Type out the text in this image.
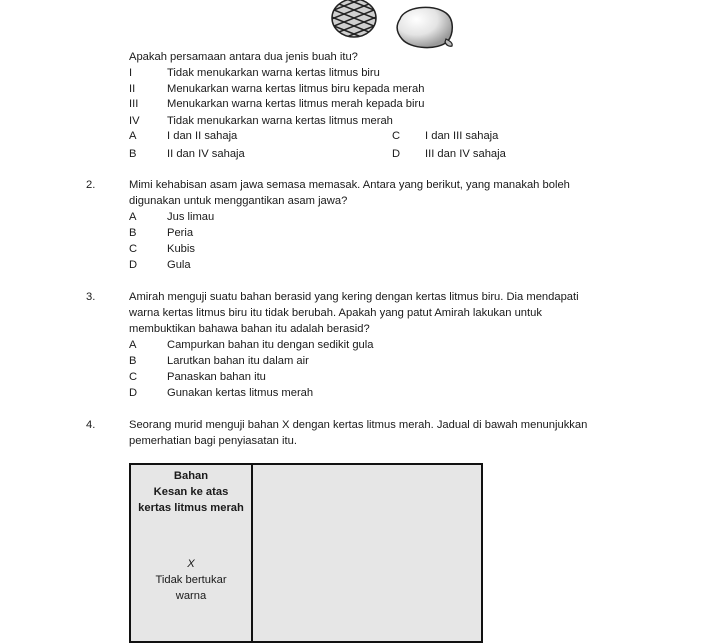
Apakah persamaan antara dua jenis buah itu?
I	Tidak menukarkan warna kertas litmus biru
II	Menukarkan warna kertas litmus biru kepada merah
III	Menukarkan warna kertas litmus merah kepada biru
IV Tidak menukarkan warna kertas litmus merah
A	I dan II sahaja
B	II dan IV sahaja
C I dan III sahaja
D III dan IV sahaja
2.	Mimi kehabisan asam jawa semasa memasak. Antara yang berikut, yang manakah boleh
digunakan untuk menggantikan asam jawa?
A	Jus limau
B	Peria
C	Kubis
D	Gula
3.	Amirah menguji suatu bahan berasid yang kering dengan kertas litmus biru. Dia mendapati
warna kertas litmus biru itu tidak berubah. Apakah yang patut Amirah lakukan untuk
membuktikan bahawa bahan itu adalah berasid?
A	Campurkan bahan itu dengan sedikit gula
B	Larutkan bahan itu dalam air
C	Panaskan bahan itu
D	Gunakan kertas litmus merah
4.	Seorang murid menguji bahan X dengan kertas litmus merah. Jadual di bawah menunjukkan
pemerhatian bagi penyiasatan itu.
Bahan
Kesan ke atas
kertas litmus merah
X
Tidak bertukar
warna
